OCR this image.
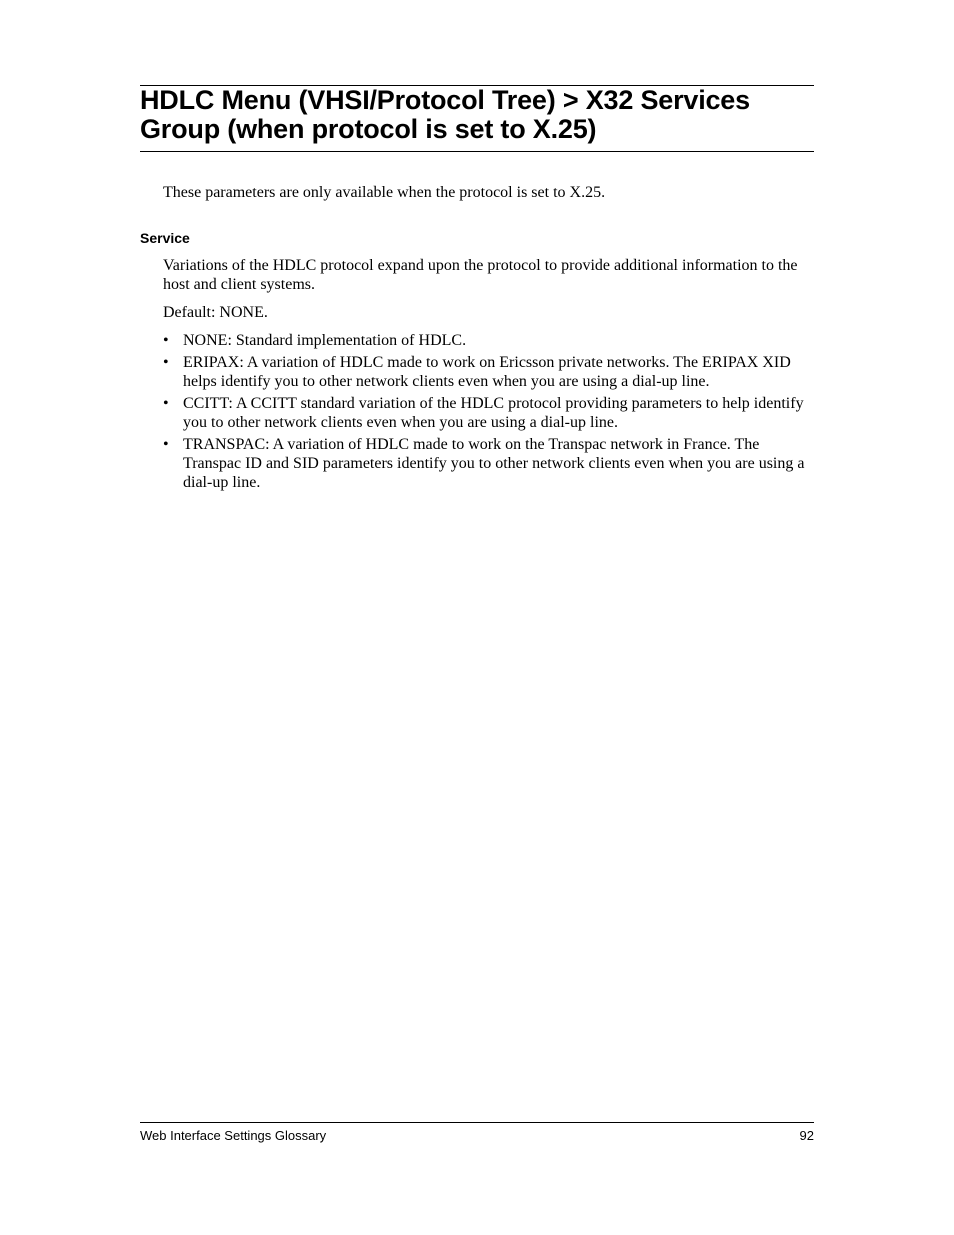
HDLC Menu (VHSI/Protocol Tree) > X32 Services
Group (when protocol is set to X.25)

These parameters are only available when the protocol is set to X.25.

Service

Variations of the HDLC protocol expand upon the protocol to provide additional information to the host and client systems.

Default: NONE.

• NONE: Standard implementation of HDLC.
• ERIPAX: A variation of HDLC made to work on Ericsson private networks. The ERIPAX XID helps identify you to other network clients even when you are using a dial-up line.
• CCITT: A CCITT standard variation of the HDLC protocol providing parameters to help identify you to other network clients even when you are using a dial-up line.
• TRANSPAC: A variation of HDLC made to work on the Transpac network in France. The Transpac ID and SID parameters identify you to other network clients even when you are using a dial-up line.
Web Interface Settings Glossary	92
